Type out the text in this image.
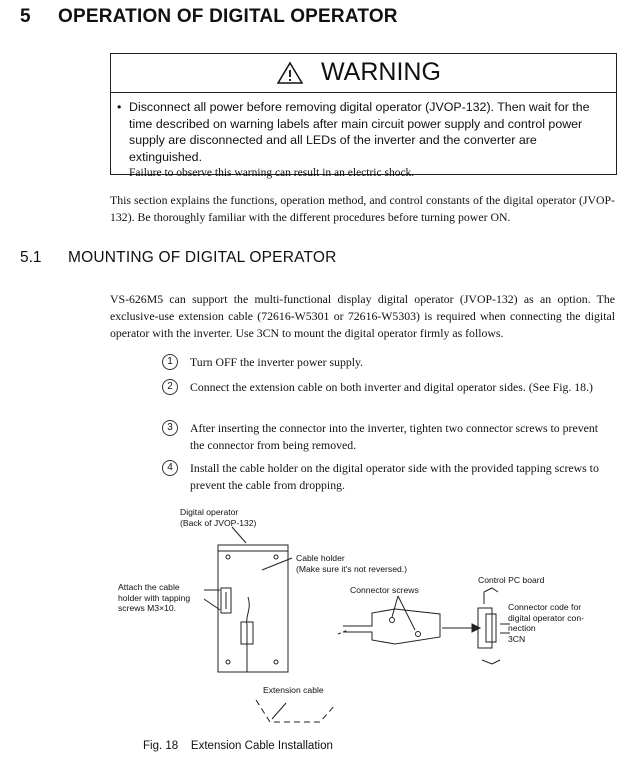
5 OPERATION OF DIGITAL OPERATOR
WARNING
• Disconnect all power before removing digital operator (JVOP-132). Then wait for the time described on warning labels after main circuit power supply and control power supply are disconnected and all LEDs of the inverter and the converter are extinguished.
Failure to observe this warning can result in an electric shock.
This section explains the functions, operation method, and control constants of the digital operator (JVOP-132). Be thoroughly familiar with the different procedures before turning power ON.
5.1 MOUNTING OF DIGITAL OPERATOR
VS-626M5 can support the multi-functional display digital operator (JVOP-132) as an option. The exclusive-use extension cable (72616-W5301 or 72616-W5303) is required when connecting the digital operator with the inverter. Use 3CN to mount the digital operator firmly as follows.
1	Turn OFF the inverter power supply.
2	Connect the extension cable on both inverter and digital operator sides. (See Fig. 18.)
3	After inserting the connector into the inverter, tighten two connector screws to prevent the connector from being removed.
4	Install the cable holder on the digital operator side with the provided tapping screws to prevent the cable from dropping.
Digital operator
(Back of JVOP-132)
Cable holder
(Make sure it's not reversed.)
Attach the cable
holder with tapping
screws M3×10.
Connector screws
Control PC board
Connector code for
digital operator con-
nection
3CN
Extension cable
Fig. 18    Extension Cable Installation
